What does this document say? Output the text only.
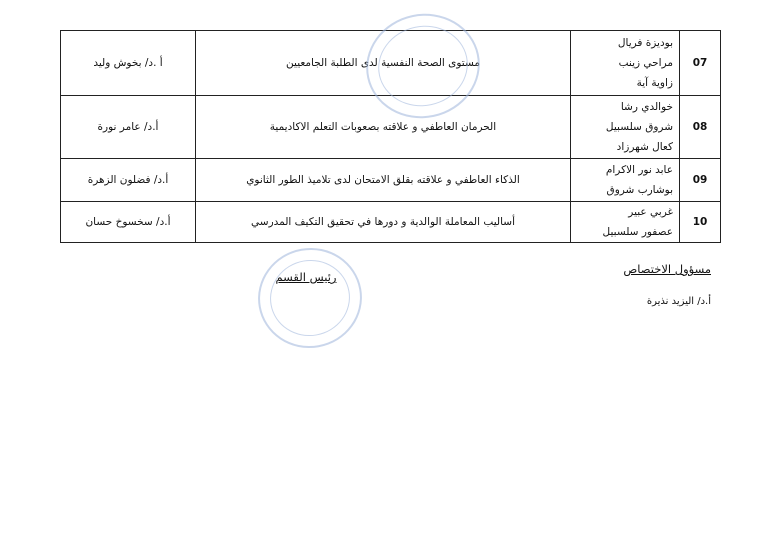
07	بوديزة فريال
مراحي زينب
زاوية آية	مستوى الصحة النفسية لدى الطلبة الجامعيين	أ .د/ بخوش وليد
08	خوالدي رشا
شروق سلسبيل
كعال شهرزاد	الحرمان العاطفي و علاقته بصعوبات التعلم الاكاديمية	أ.د/ عامر نورة
09	عابد نور الاكرام
بوشارب شروق	الذكاء العاطفي و علاقته بقلق الامتحان لدى تلاميذ الطور الثانوي	أ.د/ فضلون الزهرة
10	غربي عبير
عصفور سلسبيل	أساليب المعاملة الوالدية و دورها في تحقيق التكيف المدرسي	أ.د/ سخسوخ حسان
رئيس القسم
مسؤول الاختصاص
أ.د/ اليزيد نذيرة
